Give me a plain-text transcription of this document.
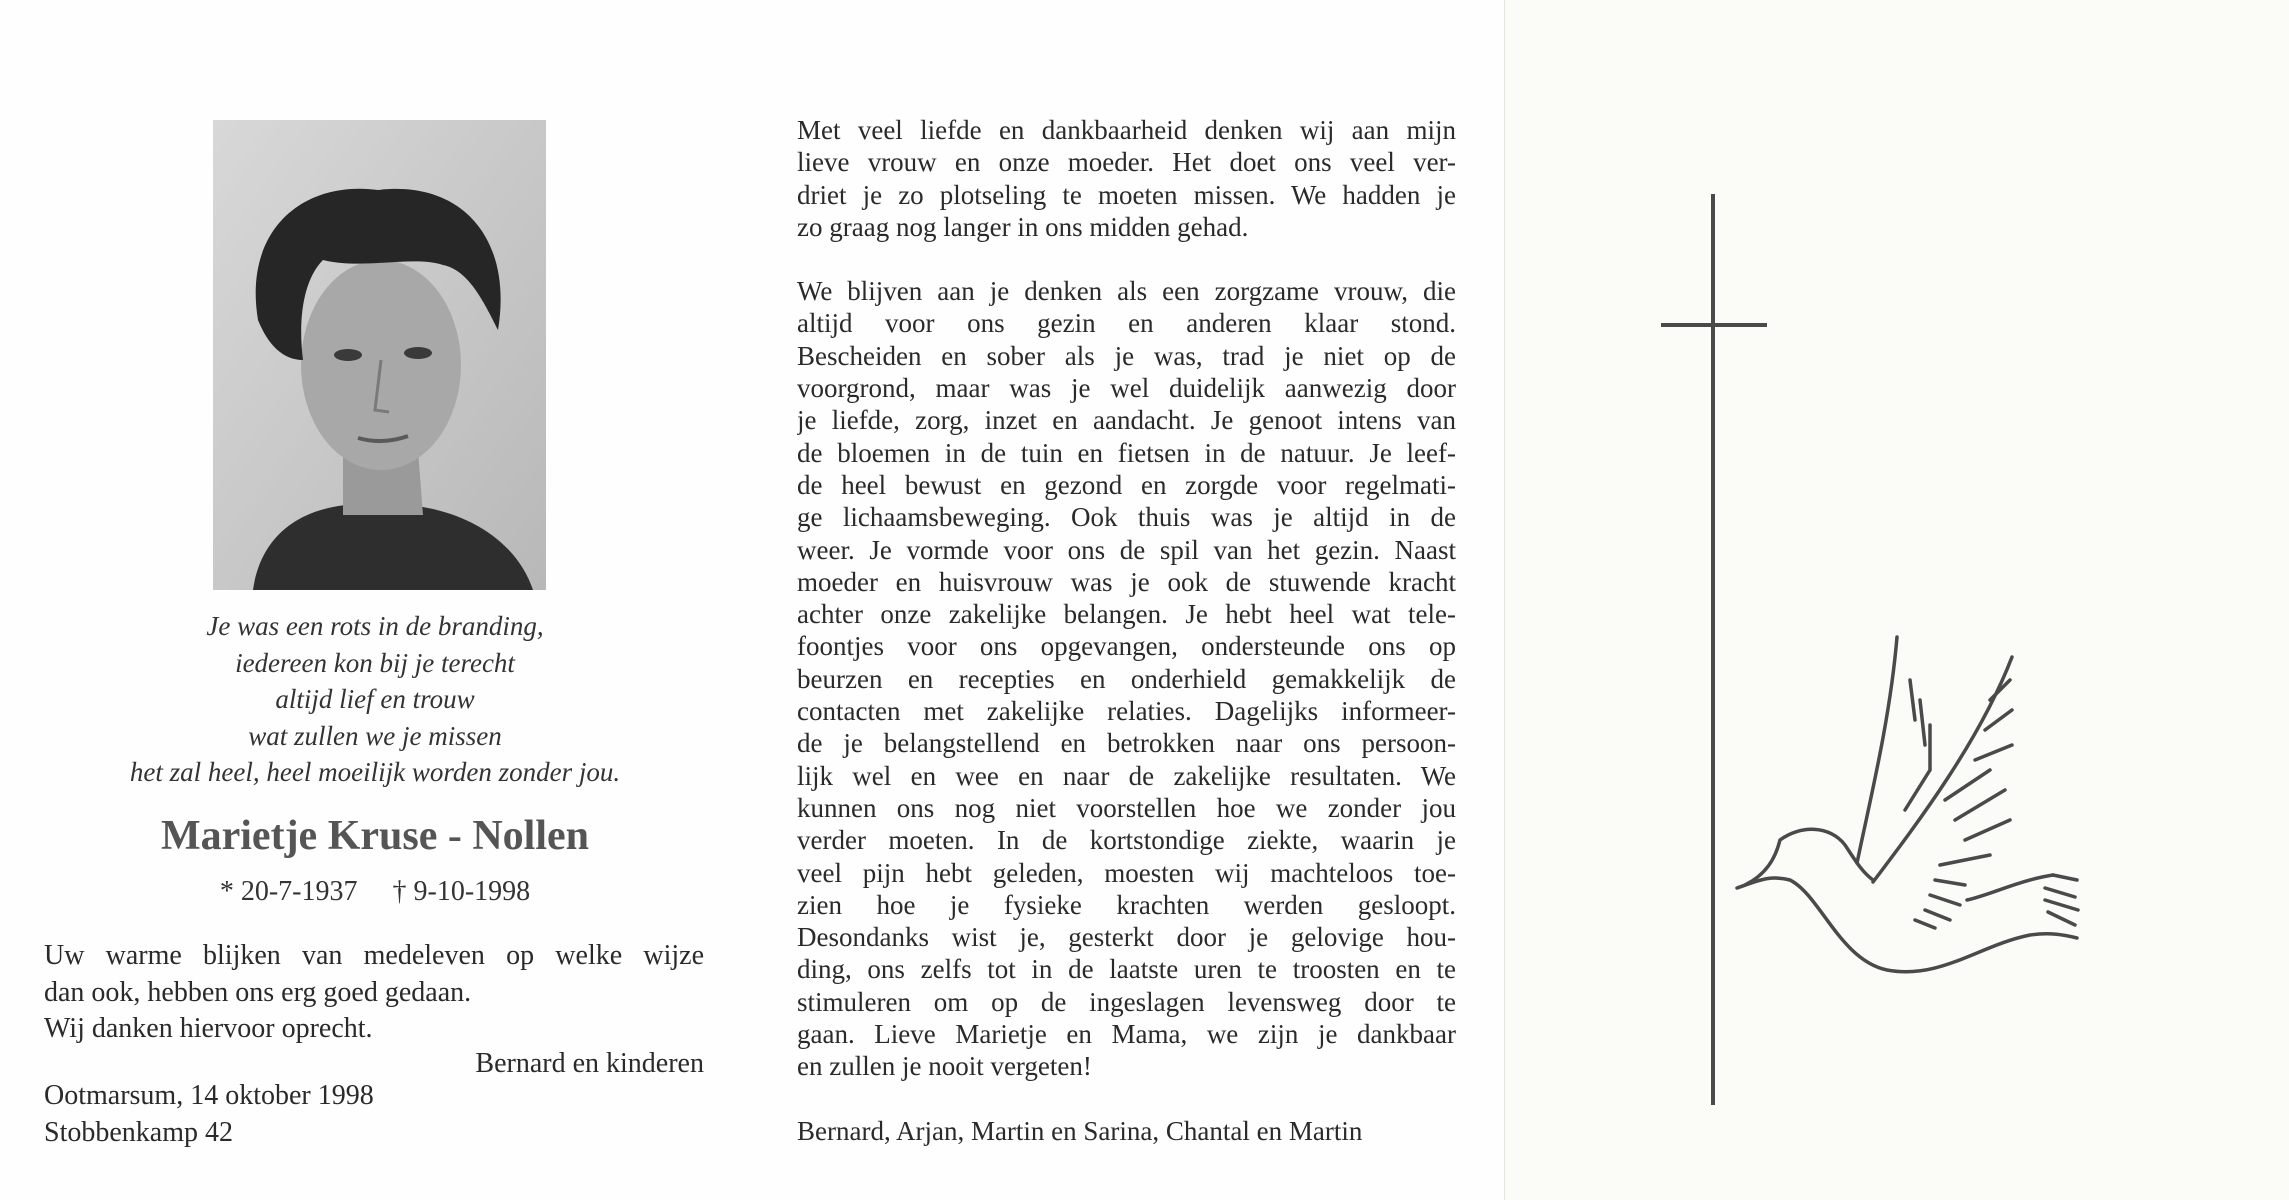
Je was een rots in de branding,
iedereen kon bij je terecht
altijd lief en trouw
wat zullen we je missen
het zal heel, heel moeilijk worden zonder jou.
Marietje Kruse - Nollen
* 20-7-1937 † 9-10-1998
Uw warme blijken van medeleven op welke wijze
dan ook, hebben ons erg goed gedaan.
Wij danken hiervoor oprecht.
Bernard en kinderen
Ootmarsum, 14 oktober 1998
Stobbenkamp 42
Met veel liefde en dankbaarheid denken wij aan mijn
lieve vrouw en onze moeder. Het doet ons veel ver-
driet je zo plotseling te moeten missen. We hadden je
zo graag nog langer in ons midden gehad.
We blijven aan je denken als een zorgzame vrouw, die
altijd voor ons gezin en anderen klaar stond.
Bescheiden en sober als je was, trad je niet op de
voorgrond, maar was je wel duidelijk aanwezig door
je liefde, zorg, inzet en aandacht. Je genoot intens van
de bloemen in de tuin en fietsen in de natuur. Je leef-
de heel bewust en gezond en zorgde voor regelmati-
ge lichaamsbeweging. Ook thuis was je altijd in de
weer. Je vormde voor ons de spil van het gezin. Naast
moeder en huisvrouw was je ook de stuwende kracht
achter onze zakelijke belangen. Je hebt heel wat tele-
foontjes voor ons opgevangen, ondersteunde ons op
beurzen en recepties en onderhield gemakkelijk de
contacten met zakelijke relaties. Dagelijks informeer-
de je belangstellend en betrokken naar ons persoon-
lijk wel en wee en naar de zakelijke resultaten. We
kunnen ons nog niet voorstellen hoe we zonder jou
verder moeten. In de kortstondige ziekte, waarin je
veel pijn hebt geleden, moesten wij machteloos toe-
zien hoe je fysieke krachten werden gesloopt.
Desondanks wist je, gesterkt door je gelovige hou-
ding, ons zelfs tot in de laatste uren te troosten en te
stimuleren om op de ingeslagen levensweg door te
gaan. Lieve Marietje en Mama, we zijn je dankbaar
en zullen je nooit vergeten!
Bernard, Arjan, Martin en Sarina, Chantal en Martin
